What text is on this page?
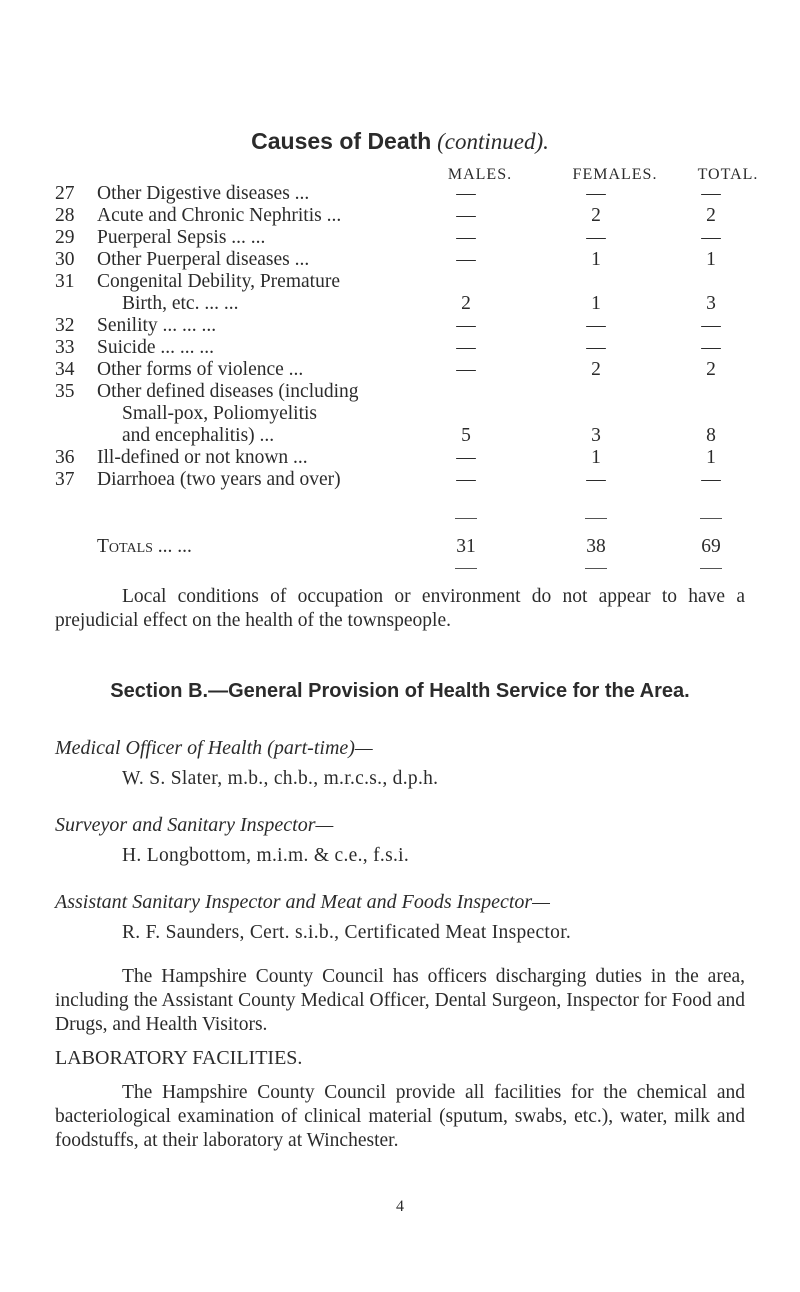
Causes of Death (continued).
MALES.	FEMALES.	TOTAL.
27	Other Digestive diseases ...	—	—	—
28	Acute and Chronic Nephritis ...	—	2	2
29	Puerperal Sepsis ... ...	—	—	—
30	Other Puerperal diseases ...	—	1	1
31	Congenital Debility, Premature
Birth, etc. ... ...	2	1	3
32	Senility ... ... ...	—	—	—
33	Suicide ... ... ...	—	—	—
34	Other forms of violence ...	—	2	2
35	Other defined diseases (including
Small-pox, Poliomyelitis
and encephalitis) ...	5	3	8
36	Ill-defined or not known ...	—	1	1
37	Diarrhoea (two years and over)	—	—	—
Totals ... ...	31	38	69
Local conditions of occupation or environment do not appear to have a prejudicial effect on the health of the townspeople.
Section B.—General Provision of Health Service for the Area.
Medical Officer of Health (part-time)—
W. S. Slater, m.b., ch.b., m.r.c.s., d.p.h.
Surveyor and Sanitary Inspector—
H. Longbottom, m.i.m. & c.e., f.s.i.
Assistant Sanitary Inspector and Meat and Foods Inspector—
R. F. Saunders, Cert. s.i.b., Certificated Meat Inspector.
The Hampshire County Council has officers discharging duties in the area, including the Assistant County Medical Officer, Dental Surgeon, Inspector for Food and Drugs, and Health Visitors.
LABORATORY FACILITIES.
The Hampshire County Council provide all facilities for the chemical and bacteriological examination of clinical material (sputum, swabs, etc.), water, milk and foodstuffs, at their laboratory at Winchester.
4
